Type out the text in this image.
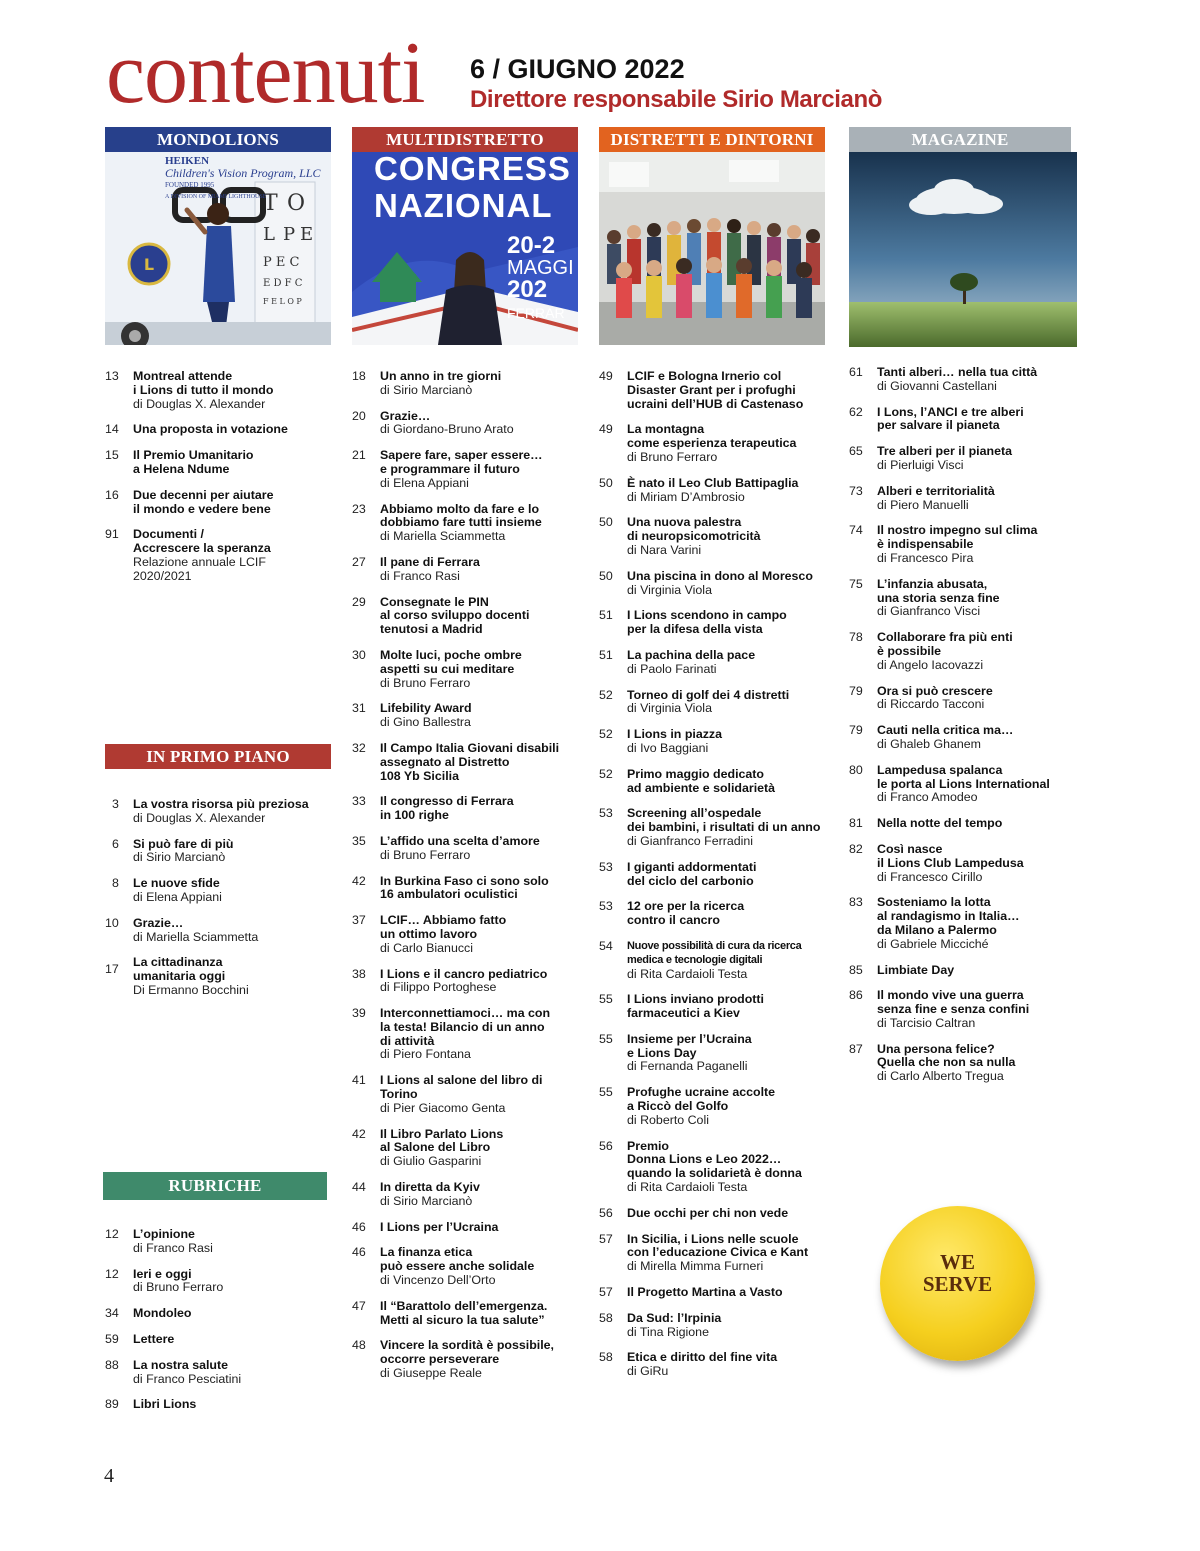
contenuti 6 / GIUGNO 2022
Direttore responsabile Sirio Marcianò
MONDOLIONS
T O
L P E
P E C
E D F C
F E L O P
L
HEIKEN
Children's Vision Program, LLC
FOUNDED 1995
A DIVISION OF MIAMI LIGHTHOUSE
13	Montreal attende
i Lions di tutto il mondo
di Douglas X. Alexander
14	Una proposta in votazione
15	Il Premio Umanitario
a Helena Ndume
16	Due decenni per aiutare
il mondo e vedere bene
91	Documenti /
Accrescere la speranza
Relazione annuale LCIF
2020/2021
IN PRIMO PIANO
3	La vostra risorsa più preziosa
di Douglas X. Alexander
6	Si può fare di più
di Sirio Marcianò
8	Le nuove sfide
di Elena Appiani
10	Grazie…
di Mariella Sciammetta
17	La cittadinanza
umanitaria oggi
Di Ermanno Bocchini
RUBRICHE
12	L’opinione
di Franco Rasi
12	Ieri e oggi
di Bruno Ferraro
34	Mondoleo
59	Lettere
88	La nostra salute
di Franco Pesciatini
89	Libri Lions
MULTIDISTRETTO
CONGRESS
NAZIONAL
20-2
MAGGI
202
FERRAR
18	Un anno in tre giorni
di Sirio Marcianò
20	Grazie…
di Giordano-Bruno Arato
21	Sapere fare, saper essere…
e programmare il futuro
di Elena Appiani
23	Abbiamo molto da fare e lo
dobbiamo fare tutti insieme
di Mariella Sciammetta
27	Il pane di Ferrara
di Franco Rasi
29	Consegnate le PIN
al corso sviluppo docenti
tenutosi a Madrid
30	Molte luci, poche ombre
aspetti su cui meditare
di Bruno Ferraro
31	Lifebility Award
di Gino Ballestra
32	Il Campo Italia Giovani disabili
assegnato al Distretto
108 Yb Sicilia
33	Il congresso di Ferrara
in 100 righe
35	L’affido una scelta d’amore
di Bruno Ferraro
42	In Burkina Faso ci sono solo
16 ambulatori oculistici
37	LCIF… Abbiamo fatto
un ottimo lavoro
di Carlo Bianucci
38	I Lions e il cancro pediatrico
di Filippo Portoghese
39	Interconnettiamoci… ma con
la testa! Bilancio di un anno
di attività
di Piero Fontana
41	I Lions al salone del libro di
Torino
di Pier Giacomo Genta
42	Il Libro Parlato Lions
al Salone del Libro
di Giulio Gasparini
44	In diretta da Kyiv
di Sirio Marcianò
46	I Lions per l’Ucraina
46	La finanza etica
può essere anche solidale
di Vincenzo Dell’Orto
47	Il “Barattolo dell’emergenza.
Metti al sicuro la tua salute”
48	Vincere la sordità è possibile,
occorre perseverare
di Giuseppe Reale
DISTRETTI E DINTORNI
49	LCIF e Bologna Irnerio col
Disaster Grant per i profughi
ucraini dell’HUB di Castenaso
49	La montagna
come esperienza terapeutica
di Bruno Ferraro
50	È nato il Leo Club Battipaglia
di Miriam D’Ambrosio
50	Una nuova palestra
di neuropsicomotricità
di Nara Varini
50	Una piscina in dono al Moresco
di Virginia Viola
51	I Lions scendono in campo
per la difesa della vista
51	La pachina della pace
di Paolo Farinati
52	Torneo di golf dei 4 distretti
di Virginia Viola
52	I Lions in piazza
di Ivo Baggiani
52	Primo maggio dedicato
ad ambiente e solidarietà
53	Screening all’ospedale
dei bambini, i risultati di un anno
di Gianfranco Ferradini
53	I giganti addormentati
del ciclo del carbonio
53	12 ore per la ricerca
contro il cancro
54	Nuove possibilità di cura da ricerca
medica e tecnologie digitali
di Rita Cardaioli Testa
55	I Lions inviano prodotti
farmaceutici a Kiev
55	Insieme per l’Ucraina
e Lions Day
di Fernanda Paganelli
55	Profughe ucraine accolte
a Riccò del Golfo
di Roberto Coli
56	Premio
Donna Lions e Leo 2022…
quando la solidarietà è donna
di Rita Cardaioli Testa
56	Due occhi per chi non vede
57	In Sicilia, i Lions nelle scuole
con l’educazione Civica e Kant
di Mirella Mimma Furneri
57	Il Progetto Martina a Vasto
58	Da Sud: l’Irpinia
di Tina Rigione
58	Etica e diritto del fine vita
di GiRu
MAGAZINE
61	Tanti alberi… nella tua città
di Giovanni Castellani
62	I Lons, l’ANCI e tre alberi
per salvare il pianeta
65	Tre alberi per il pianeta
di Pierluigi Visci
73	Alberi e territorialità
di Piero Manuelli
74	Il nostro impegno sul clima
è indispensabile
di Francesco Pira
75	L’infanzia abusata,
una storia senza fine
di Gianfranco Visci
78	Collaborare fra più enti
è possibile
di Angelo Iacovazzi
79	Ora si può crescere
di Riccardo Tacconi
79	Cauti nella critica ma…
di Ghaleb Ghanem
80	Lampedusa spalanca
le porta al Lions International
di Franco Amodeo
81	Nella notte del tempo
82	Così nasce
il Lions Club Lampedusa
di Francesco Cirillo
83	Sosteniamo la lotta
al randagismo in Italia…
da Milano a Palermo
di Gabriele Micciché
85	Limbiate Day
86	Il mondo vive una guerra
senza fine e senza confini
di Tarcisio Caltran
87	Una persona felice?
Quella che non sa nulla
di Carlo Alberto Tregua
WE
SERVE
4
